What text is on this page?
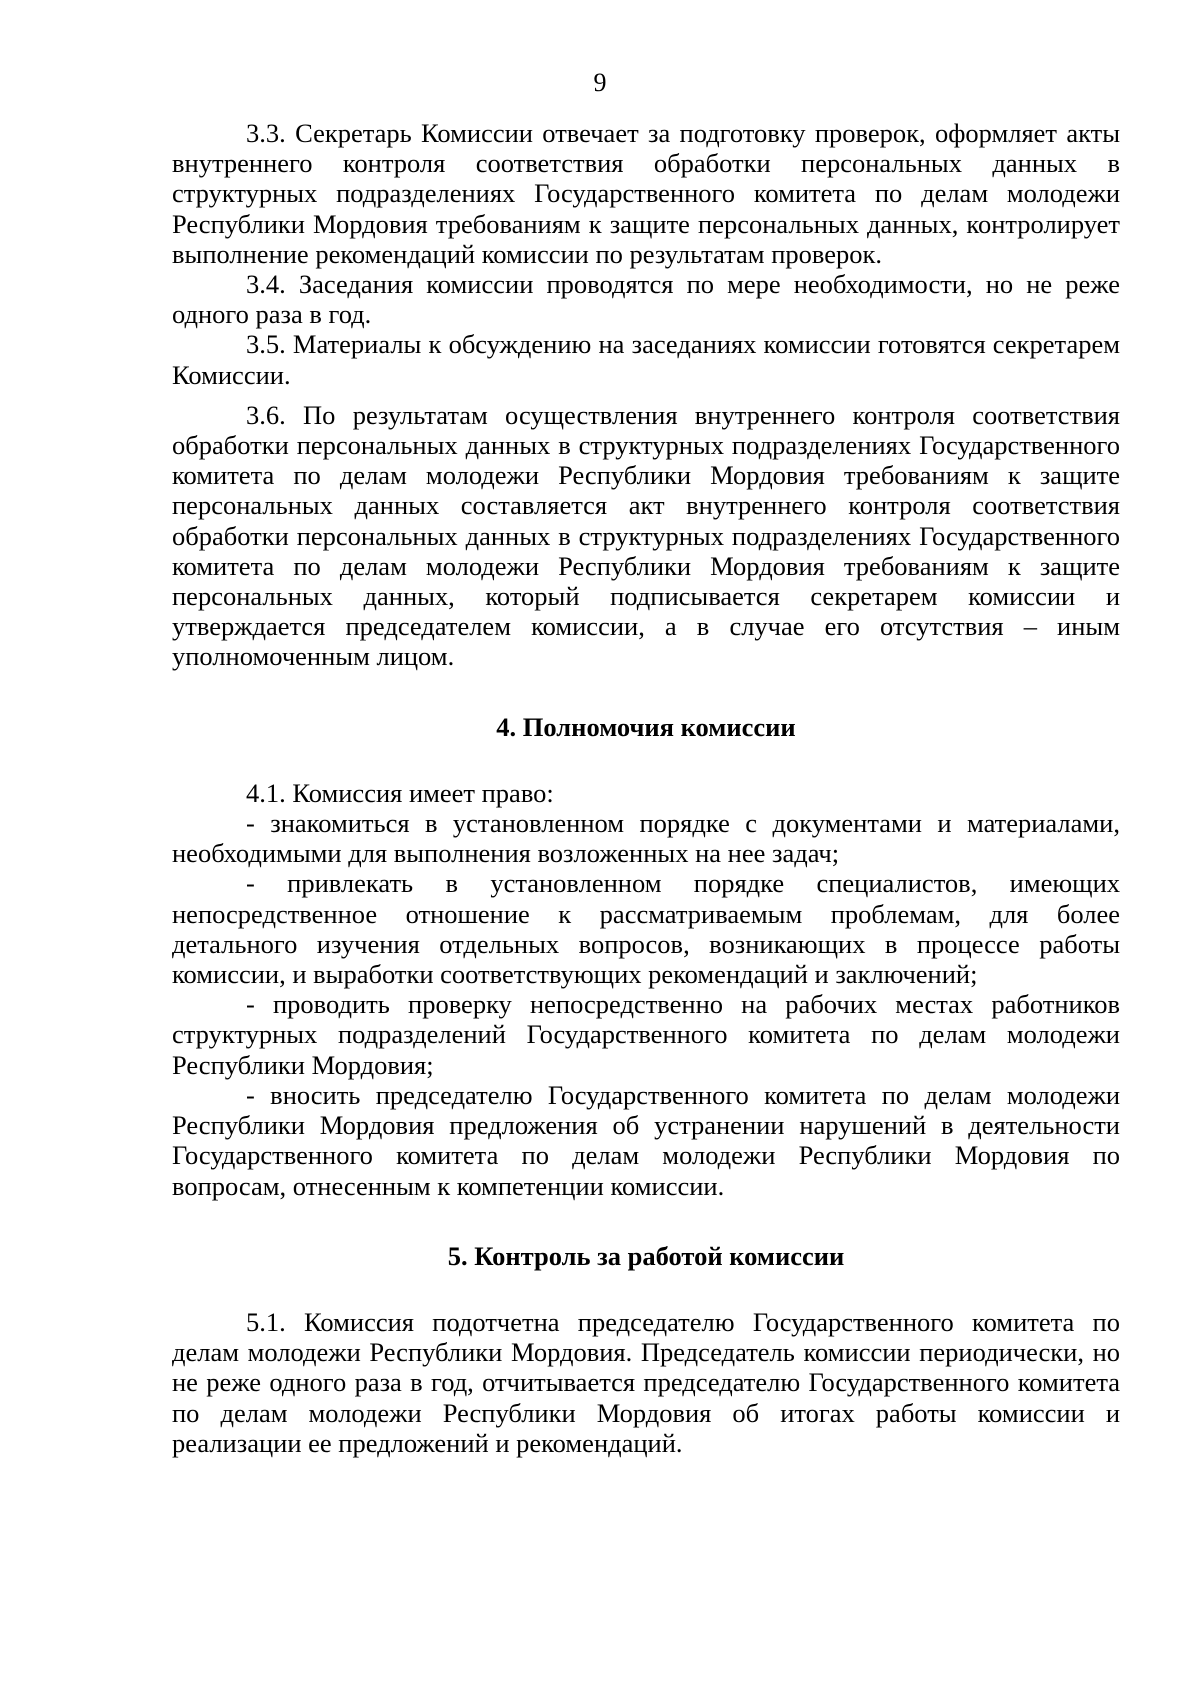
9

3.3. Секретарь Комиссии отвечает за подготовку проверок, оформляет акты внутреннего контроля соответствия обработки персональных данных в структурных подразделениях Государственного комитета по делам молодежи Республики Мордовия требованиям к защите персональных данных, контролирует выполнение рекомендаций комиссии по результатам проверок.

3.4. Заседания комиссии проводятся по мере необходимости, но не реже одного раза в год.

3.5. Материалы к обсуждению на заседаниях комиссии готовятся секретарем Комиссии.

3.6. По результатам осуществления внутреннего контроля соответствия обработки персональных данных в структурных подразделениях Государственного комитета по делам молодежи Республики Мордовия требованиям к защите персональных данных составляется акт внутреннего контроля соответствия обработки персональных данных в структурных подразделениях Государственного комитета по делам молодежи Республики Мордовия требованиям к защите персональных данных, который подписывается секретарем комиссии и утверждается председателем комиссии, а в случае его отсутствия – иным уполномоченным лицом.

4. Полномочия комиссии

4.1. Комиссия имеет право:

- знакомиться в установленном порядке с документами и материалами, необходимыми для выполнения возложенных на нее задач;

- привлекать в установленном порядке специалистов, имеющих непосредственное отношение к рассматриваемым проблемам, для более детального изучения отдельных вопросов, возникающих в процессе работы комиссии, и выработки соответствующих рекомендаций и заключений;

- проводить проверку непосредственно на рабочих местах работников структурных подразделений Государственного комитета по делам молодежи Республики Мордовия;

- вносить председателю Государственного комитета по делам молодежи Республики Мордовия предложения об устранении нарушений в деятельности Государственного комитета по делам молодежи Республики Мордовия по вопросам, отнесенным к компетенции комиссии.

5. Контроль за работой комиссии

5.1. Комиссия подотчетна председателю Государственного комитета по делам молодежи Республики Мордовия. Председатель комиссии периодически, но не реже одного раза в год, отчитывается председателю Государственного комитета по делам молодежи Республики Мордовия об итогах работы комиссии и реализации ее предложений и рекомендаций.
